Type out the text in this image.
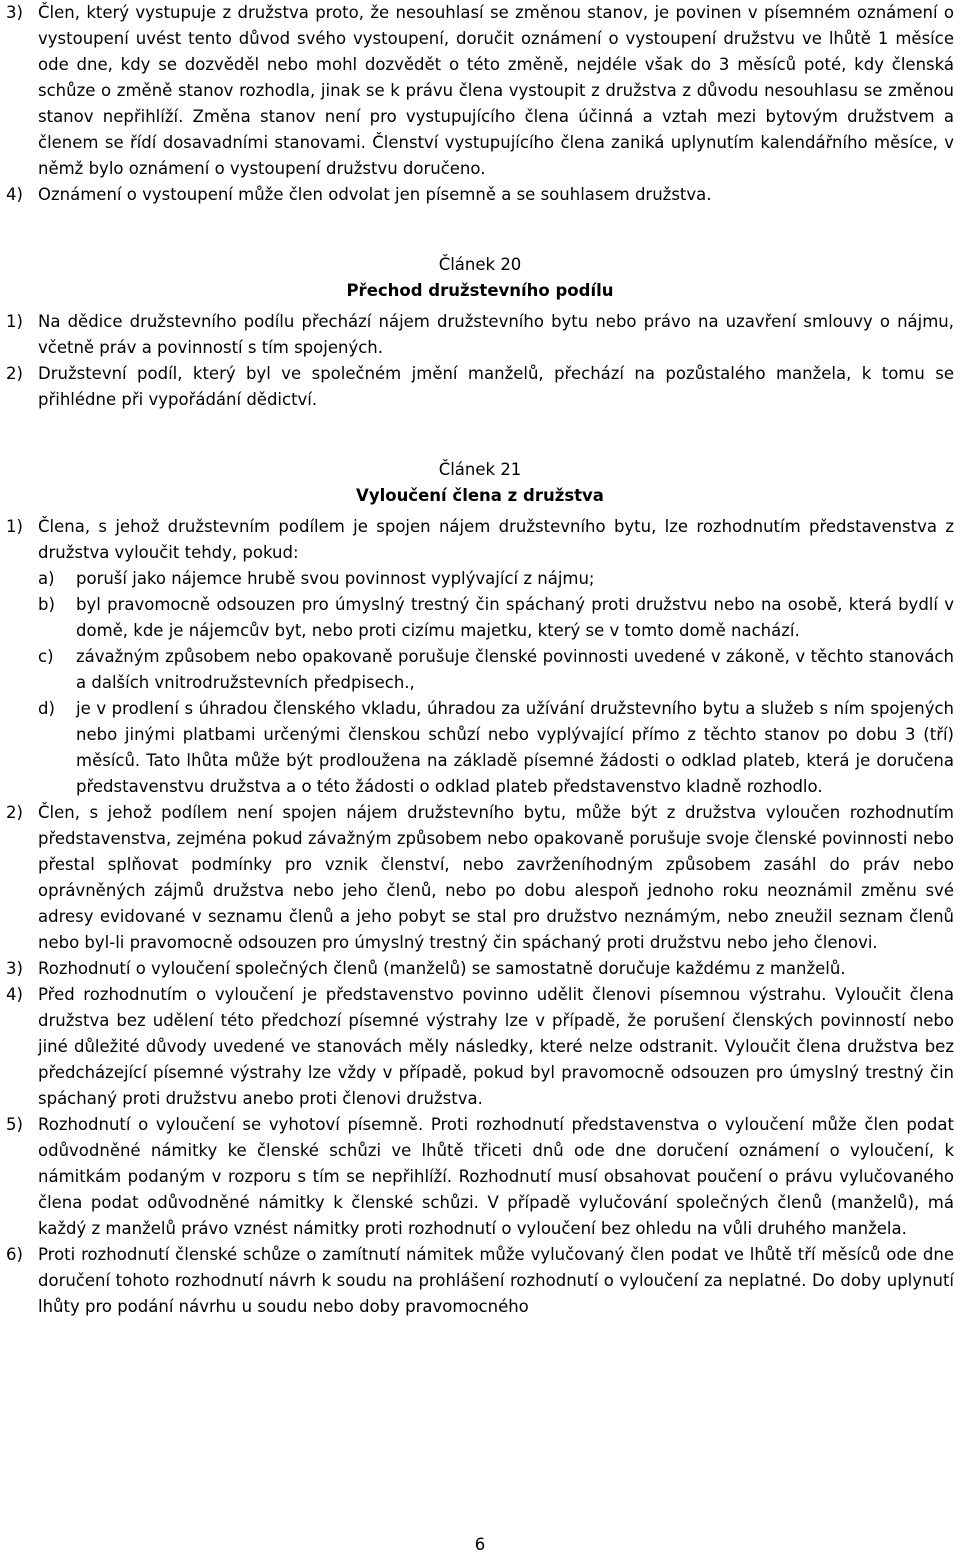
3) Člen, který vystupuje z družstva proto, že nesouhlasí se změnou stanov, je povinen v písemném oznámení o vystoupení uvést tento důvod svého vystoupení, doručit oznámení o vystoupení družstvu ve lhůtě 1 měsíce ode dne, kdy se dozvěděl nebo mohl dozvědět o této změně, nejdéle však do 3 měsíců poté, kdy členská schůze o změně stanov rozhodla, jinak se k právu člena vystoupit z družstva z důvodu nesouhlasu se změnou stanov nepřihlíží. Změna stanov není pro vystupujícího člena účinná a vztah mezi bytovým družstvem a členem se řídí dosavadními stanovami. Členství vystupujícího člena zaniká uplynutím kalendářního měsíce, v němž bylo oznámení o vystoupení družstvu doručeno.
4) Oznámení o vystoupení může člen odvolat jen písemně a se souhlasem družstva.

Článek 20

Přechod družstevního podílu

1) Na dědice družstevního podílu přechází nájem družstevního bytu nebo právo na uzavření smlouvy o nájmu, včetně práv a povinností s tím spojených.
2) Družstevní podíl, který byl ve společném jmění manželů, přechází na pozůstalého manžela, k tomu se přihlédne při vypořádání dědictví.

Článek 21

Vyloučení člena z družstva

1) Člena, s jehož družstevním podílem je spojen nájem družstevního bytu, lze rozhodnutím představenstva z družstva vyloučit tehdy, pokud:
a) poruší jako nájemce hrubě svou povinnost vyplývající z nájmu;
b) byl pravomocně odsouzen pro úmyslný trestný čin spáchaný proti družstvu nebo na osobě, která bydlí v domě, kde je nájemcův byt, nebo proti cizímu majetku, který se v tomto domě nachází.
c) závažným způsobem nebo opakovaně porušuje členské povinnosti uvedené v zákoně, v těchto stanovách a dalších vnitrodružstevních předpisech.,
d) je v prodlení s úhradou členského vkladu, úhradou za užívání družstevního bytu a služeb s ním spojených nebo jinými platbami určenými členskou schůzí nebo vyplývající přímo z těchto stanov po dobu 3 (tří) měsíců. Tato lhůta může být prodloužena na základě písemné žádosti o odklad plateb, která je doručena představenstvu družstva a o této žádosti o odklad plateb představenstvo kladně rozhodlo.
2) Člen, s jehož podílem není spojen nájem družstevního bytu, může být z družstva vyloučen rozhodnutím představenstva, zejména pokud závažným způsobem nebo opakovaně porušuje svoje členské povinnosti nebo přestal splňovat podmínky pro vznik členství, nebo zavrženíhodným způsobem zasáhl do práv nebo oprávněných zájmů družstva nebo jeho členů, nebo po dobu alespoň jednoho roku neoznámil změnu své adresy evidované v seznamu členů a jeho pobyt se stal pro družstvo neznámým, nebo zneužil seznam členů nebo byl-li pravomocně odsouzen pro úmyslný trestný čin spáchaný proti družstvu nebo jeho členovi.
3) Rozhodnutí o vyloučení společných členů (manželů) se samostatně doručuje každému z manželů.
4) Před rozhodnutím o vyloučení je představenstvo povinno udělit členovi písemnou výstrahu. Vyloučit člena družstva bez udělení této předchozí písemné výstrahy lze v případě, že porušení členských povinností nebo jiné důležité důvody uvedené ve stanovách měly následky, které nelze odstranit. Vyloučit člena družstva bez předcházející písemné výstrahy lze vždy v případě, pokud byl pravomocně odsouzen pro úmyslný trestný čin spáchaný proti družstvu anebo proti členovi družstva.
5) Rozhodnutí o vyloučení se vyhotoví písemně. Proti rozhodnutí představenstva o vyloučení může člen podat odůvodněné námitky ke členské schůzi ve lhůtě třiceti dnů ode dne doručení oznámení o vyloučení, k námitkám podaným v rozporu s tím se nepřihlíží. Rozhodnutí musí obsahovat poučení o právu vylučovaného člena podat odůvodněné námitky k členské schůzi. V případě vylučování společných členů (manželů), má každý z manželů právo vznést námitky proti rozhodnutí o vyloučení bez ohledu na vůli druhého manžela.
6) Proti rozhodnutí členské schůze o zamítnutí námitek může vylučovaný člen podat ve lhůtě tří měsíců ode dne doručení tohoto rozhodnutí návrh k soudu na prohlášení rozhodnutí o vyloučení za neplatné. Do doby uplynutí lhůty pro podání návrhu u soudu nebo doby pravomocného
6
